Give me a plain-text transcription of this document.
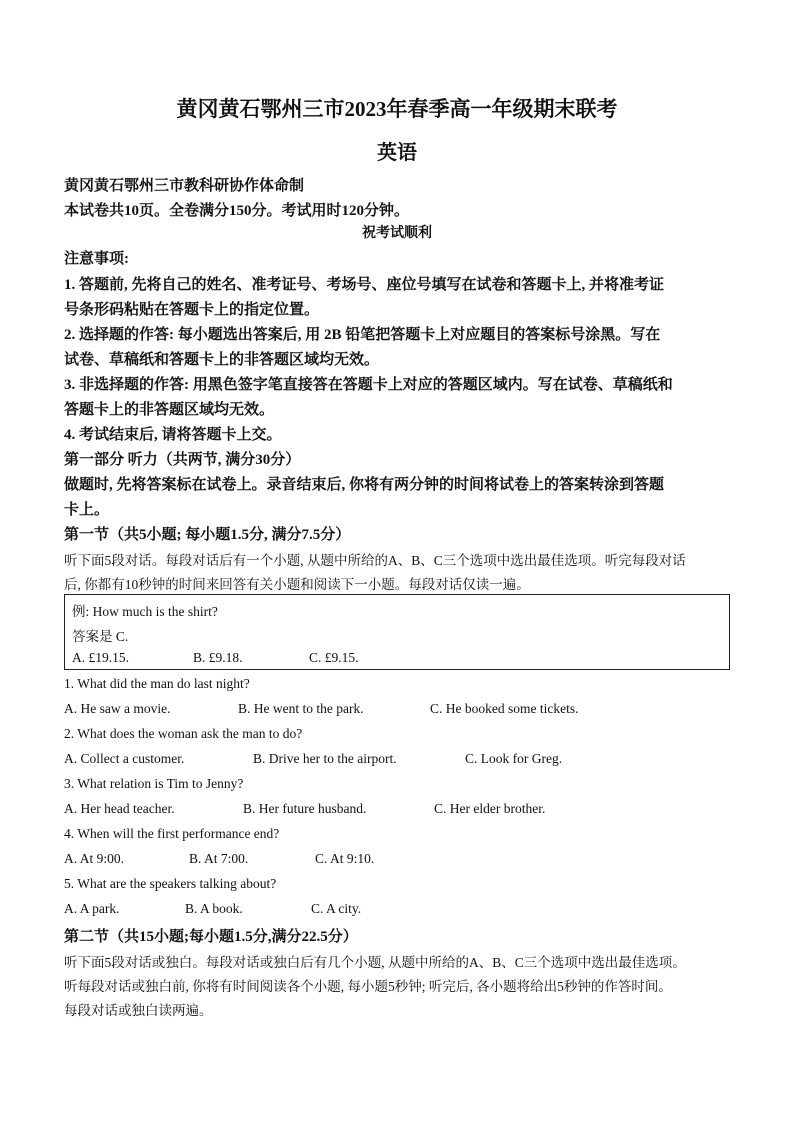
黄冈黄石鄂州三市2023年春季高一年级期末联考
英语
黄冈黄石鄂州三市教科研协作体命制
本试卷共10页。全卷满分150分。考试用时120分钟。
祝考试顺利
注意事项:
1. 答题前, 先将自己的姓名、准考证号、考场号、座位号填写在试卷和答题卡上, 并将准考证
号条形码粘贴在答题卡上的指定位置。
2. 选择题的作答: 每小题选出答案后, 用 2B 铅笔把答题卡上对应题目的答案标号涂黑。写在
试卷、草稿纸和答题卡上的非答题区域均无效。
3. 非选择题的作答: 用黑色签字笔直接答在答题卡上对应的答题区域内。写在试卷、草稿纸和
答题卡上的非答题区域均无效。
4. 考试结束后, 请将答题卡上交。
第一部分 听力（共两节, 满分30分）
做题时, 先将答案标在试卷上。录音结束后, 你将有两分钟的时间将试卷上的答案转涂到答题
卡上。
第一节（共5小题; 每小题1.5分, 满分7.5分）
听下面5段对话。每段对话后有一个小题, 从题中所给的A、B、C三个选项中选出最佳选项。听完每段对话
后, 你都有10秒钟的时间来回答有关小题和阅读下一小题。每段对话仅读一遍。
例: How much is the shirt?
答案是 C.
A. £19.15.	B. £9.18.	C. £9.15.
1. What did the man do last night?
A. He saw a movie.	B. He went to the park.	C. He booked some tickets.
2. What does the woman ask the man to do?
A. Collect a customer.	B. Drive her to the airport.	C. Look for Greg.
3. What relation is Tim to Jenny?
A. Her head teacher.	B. Her future husband.	C. Her elder brother.
4. When will the first performance end?
A. At 9:00.	B. At 7:00.	C. At 9:10.
5. What are the speakers talking about?
A. A park.	B. A book.	C. A city.
第二节（共15小题;每小题1.5分,满分22.5分）
听下面5段对话或独白。每段对话或独白后有几个小题, 从题中所给的A、B、C三个选项中选出最佳选项。
听每段对话或独白前, 你将有时间阅读各个小题, 每小题5秒钟; 听完后, 各小题将给出5秒钟的作答时间。
每段对话或独白读两遍。
